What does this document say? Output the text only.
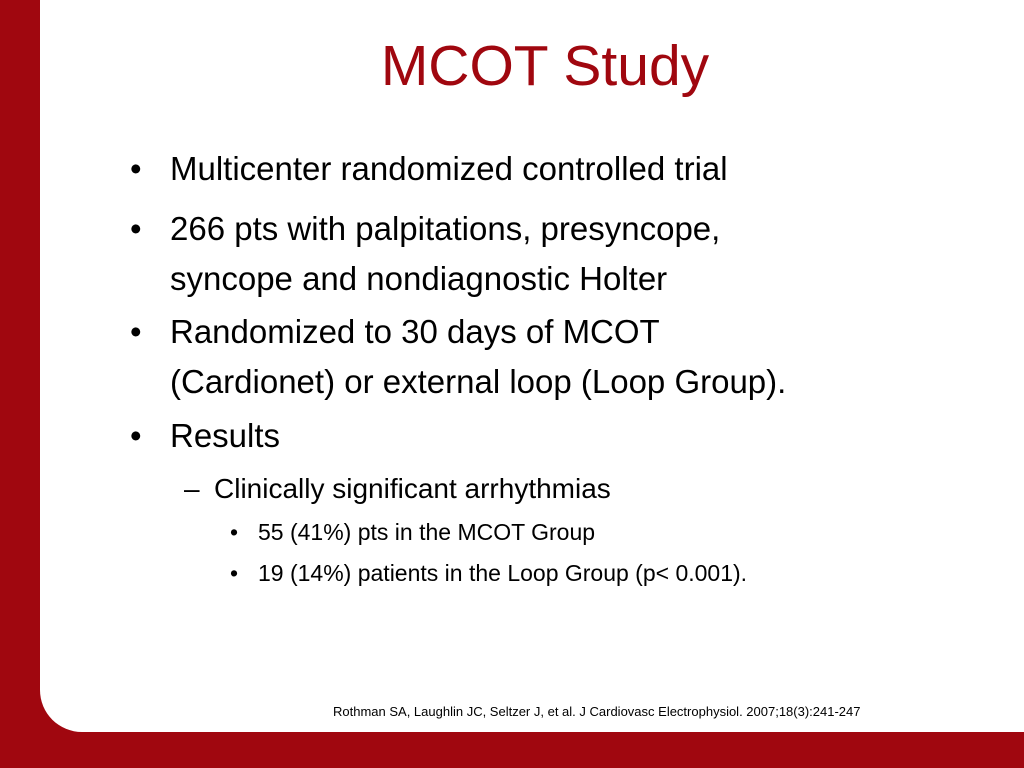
MCOT Study
• Multicenter randomized controlled trial
• 266 pts with palpitations, presyncope,
syncope and nondiagnostic Holter
• Randomized to 30 days of MCOT
(Cardionet) or external loop (Loop Group).
• Results
– Clinically significant arrhythmias
• 55 (41%) pts in the MCOT Group
• 19 (14%) patients in the Loop Group (p< 0.001).
Rothman SA, Laughlin JC, Seltzer J, et al. J Cardiovasc Electrophysiol. 2007;18(3):241-247
